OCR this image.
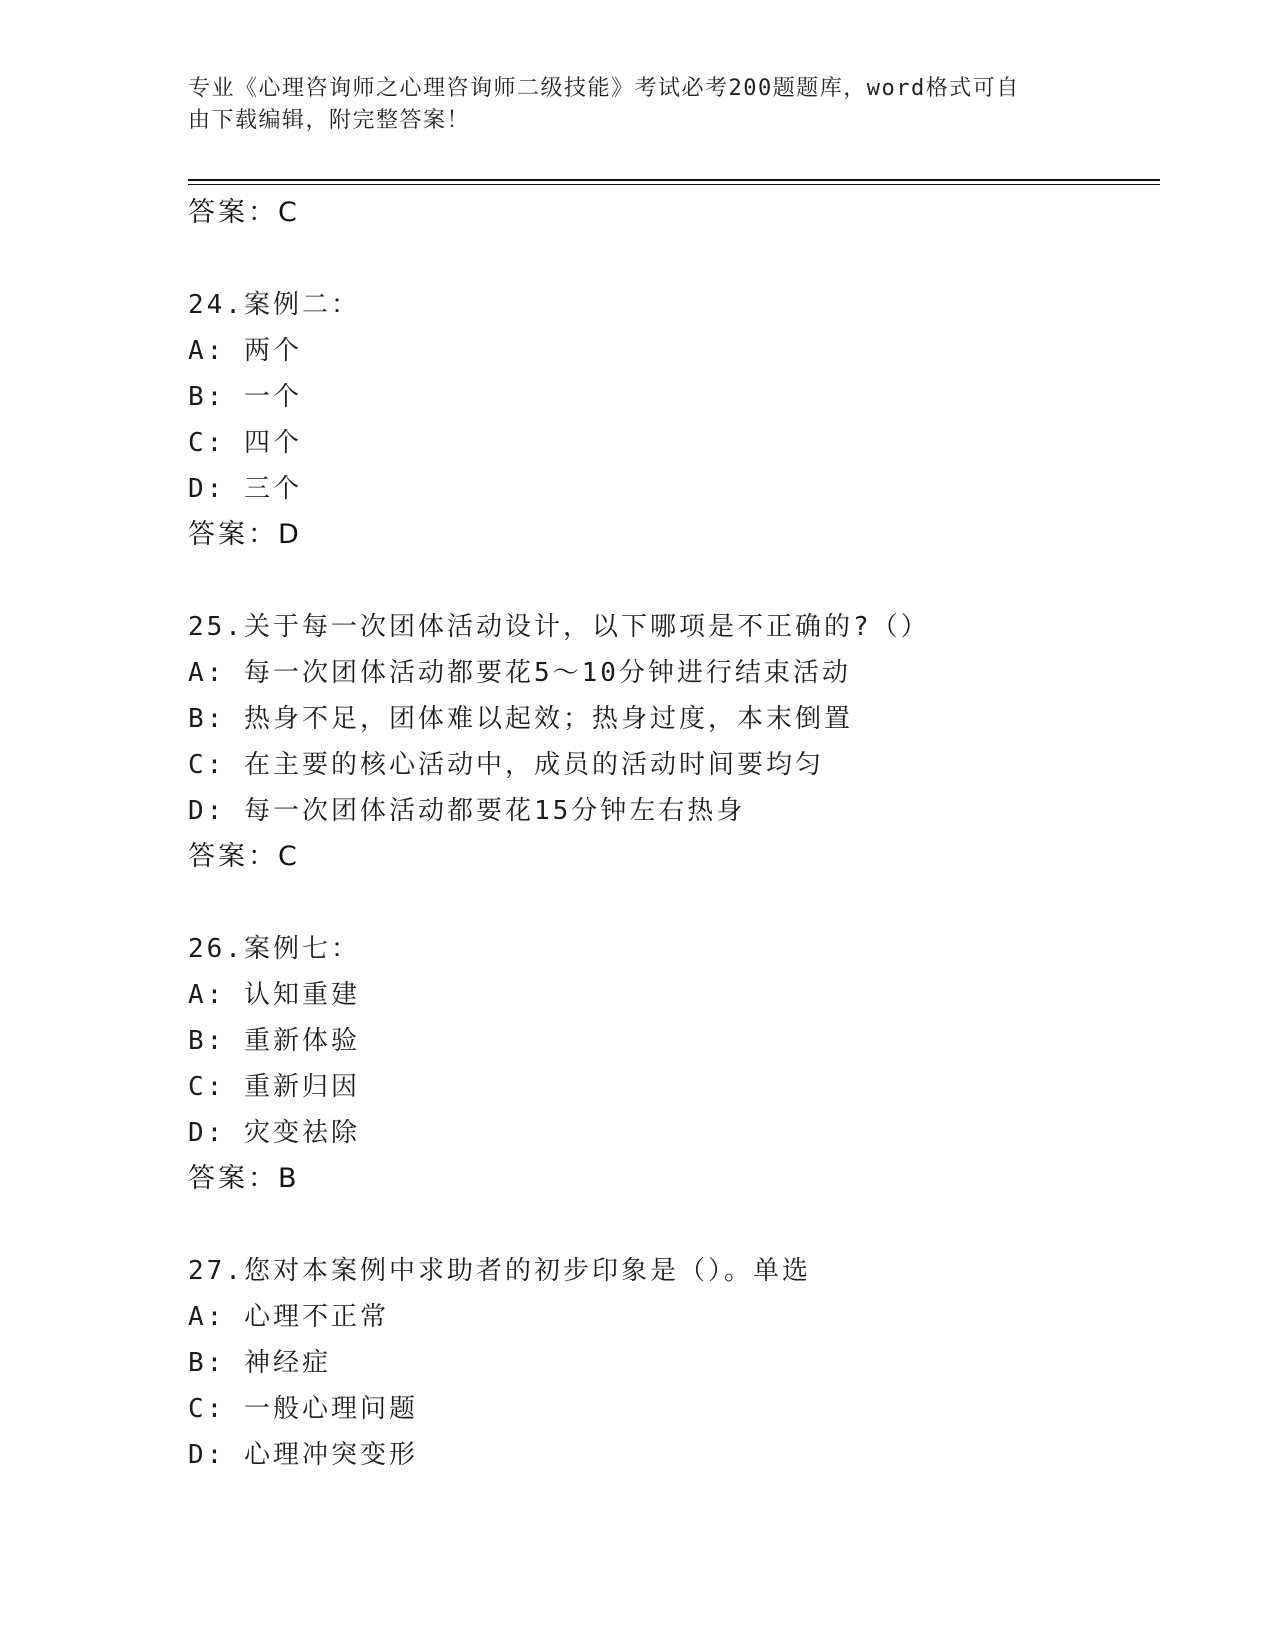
专业《心理咨询师之心理咨询师二级技能》考试必考200题题库，word格式可自
由下载编辑，附完整答案！
答案：C
24.案例二：
A: 两个
B: 一个
C: 四个
D: 三个
答案：D
25.关于每一次团体活动设计，以下哪项是不正确的?（）
A: 每一次团体活动都要花5～10分钟进行结束活动
B: 热身不足，团体难以起效；热身过度，本末倒置
C: 在主要的核心活动中，成员的活动时间要均匀
D: 每一次团体活动都要花15分钟左右热身
答案：C
26.案例七：
A: 认知重建
B: 重新体验
C: 重新归因
D: 灾变祛除
答案：B
27.您对本案例中求助者的初步印象是（）。单选
A: 心理不正常
B: 神经症
C: 一般心理问题
D: 心理冲突变形
